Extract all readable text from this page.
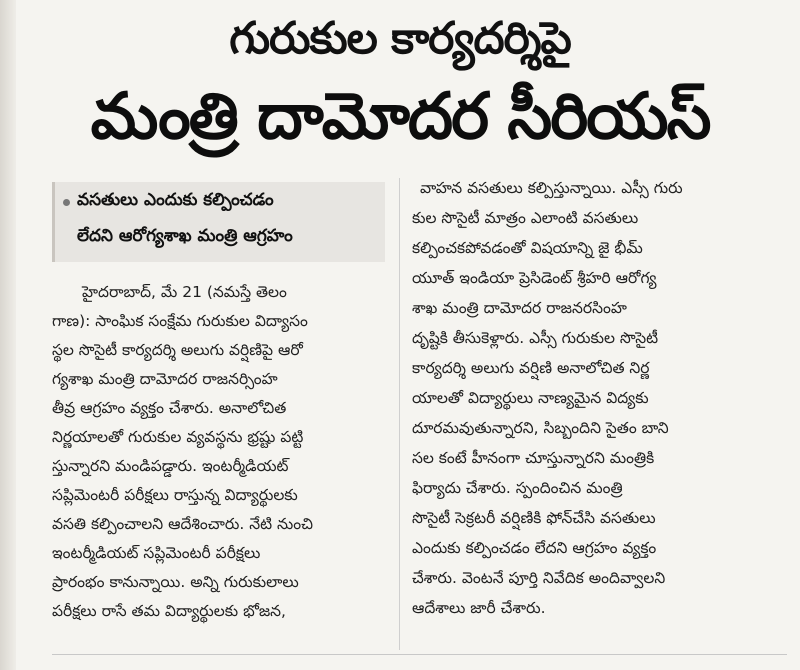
గురుకుల కార్యదర్శిపై
మంత్రి దామోదర సీరియస్
వసతులు ఎందుకు కల్పించడం
లేదని ఆరోగ్యశాఖ మంత్రి ఆగ్రహం
హైదరాబాద్, మే 21 (నమస్తే తెలం
గాణ): సాంఘిక సంక్షేమ గురుకుల విద్యాసం
స్థల సొసైటీ కార్యదర్శి అలుగు వర్షిణిపై ఆరో
గ్యశాఖ మంత్రి దామోదర రాజనర్సింహ
తీవ్ర ఆగ్రహం వ్యక్తం చేశారు. అనాలోచిత
నిర్ణయాలతో గురుకుల వ్యవస్థను భ్రష్టు పట్టి
స్తున్నారని మండిపడ్డారు. ఇంటర్మీడియట్
సప్లిమెంటరీ పరీక్షలు రాస్తున్న విద్యార్థులకు
వసతి కల్పించాలని ఆదేశించారు. నేటి నుంచి
ఇంటర్మీడియట్ సప్లిమెంటరీ పరీక్షలు
ప్రారంభం కానున్నాయి. అన్ని గురుకులాలు
పరీక్షలు రాసే తమ విద్యార్థులకు భోజన,
వాహన వసతులు కల్పిస్తున్నాయి. ఎస్సీ గురు
కుల సొసైటీ మాత్రం ఎలాంటి వసతులు
కల్పించకపోవడంతో విషయాన్ని జై భీమ్
యూత్ ఇండియా ప్రెసిడెంట్ శ్రీహరి ఆరోగ్య
శాఖ మంత్రి దామోదర రాజనరసింహ
దృష్టికి తీసుకెళ్లారు. ఎస్సీ గురుకుల సొసైటీ
కార్యదర్శి అలుగు వర్షిణి అనాలోచిత నిర్ణ
యాలతో విద్యార్థులు నాణ్యమైన విద్యకు
దూరమవుతున్నారని, సిబ్బందిని సైతం బాని
సల కంటే హీనంగా చూస్తున్నారని మంత్రికి
ఫిర్యాదు చేశారు. స్పందించిన మంత్రి
సొసైటీ సెక్రటరీ వర్షిణికి ఫోన్‌చేసి వసతులు
ఎందుకు కల్పించడం లేదని ఆగ్రహం వ్యక్తం
చేశారు. వెంటనే పూర్తి నివేదిక అందివ్వాలని
ఆదేశాలు జారీ చేశారు.
